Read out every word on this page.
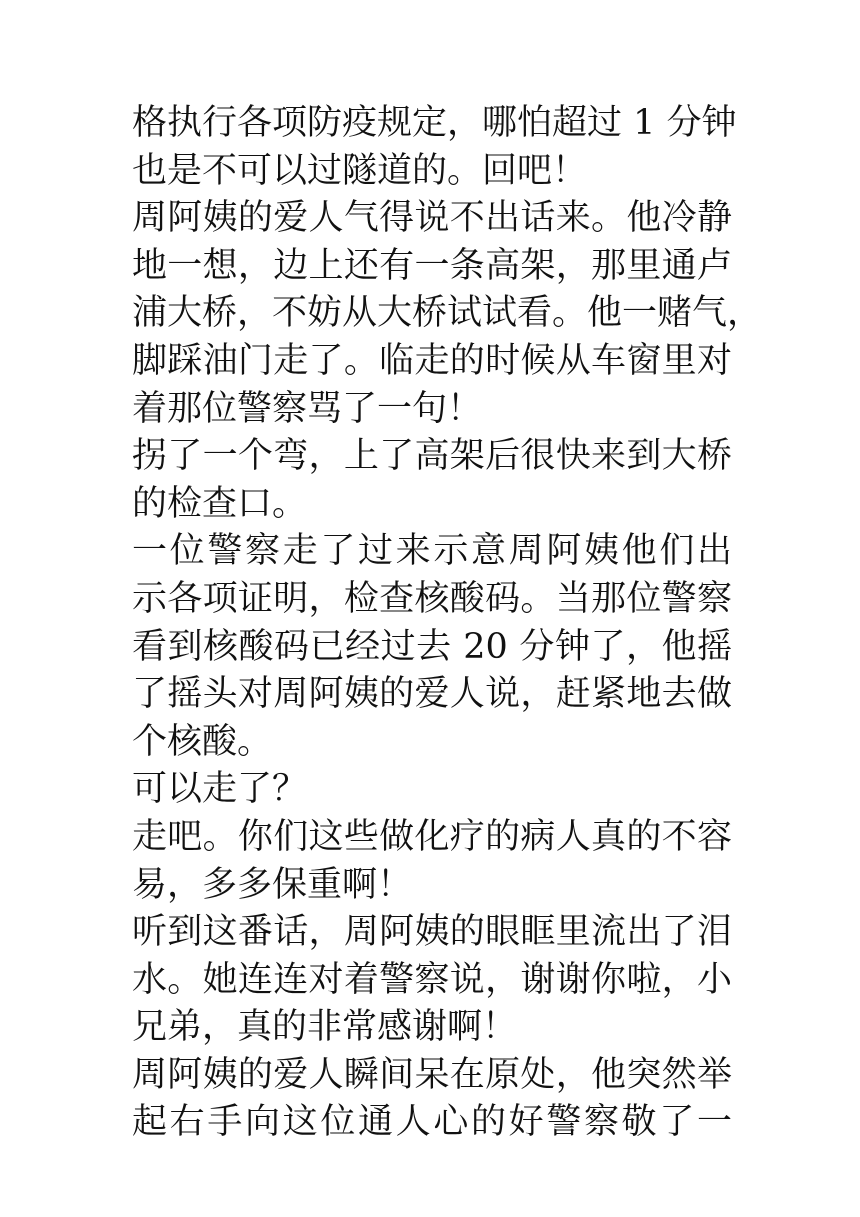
格执行各项防疫规定，哪怕超过 1 分钟
也是不可以过隧道的。回吧！
周阿姨的爱人气得说不出话来。他冷静
地一想，边上还有一条高架，那里通卢
浦大桥，不妨从大桥试试看。他一赌气，
脚踩油门走了。临走的时候从车窗里对
着那位警察骂了一句！
拐了一个弯，上了高架后很快来到大桥
的检查口。
一位警察走了过来示意周阿姨他们出
示各项证明，检查核酸码。当那位警察
看到核酸码已经过去 20 分钟了，他摇
了摇头对周阿姨的爱人说，赶紧地去做
个核酸。
可以走了？
走吧。你们这些做化疗的病人真的不容
易，多多保重啊！
听到这番话，周阿姨的眼眶里流出了泪
水。她连连对着警察说，谢谢你啦，小
兄弟，真的非常感谢啊！
周阿姨的爱人瞬间呆在原处，他突然举
起右手向这位通人心的好警察敬了一
